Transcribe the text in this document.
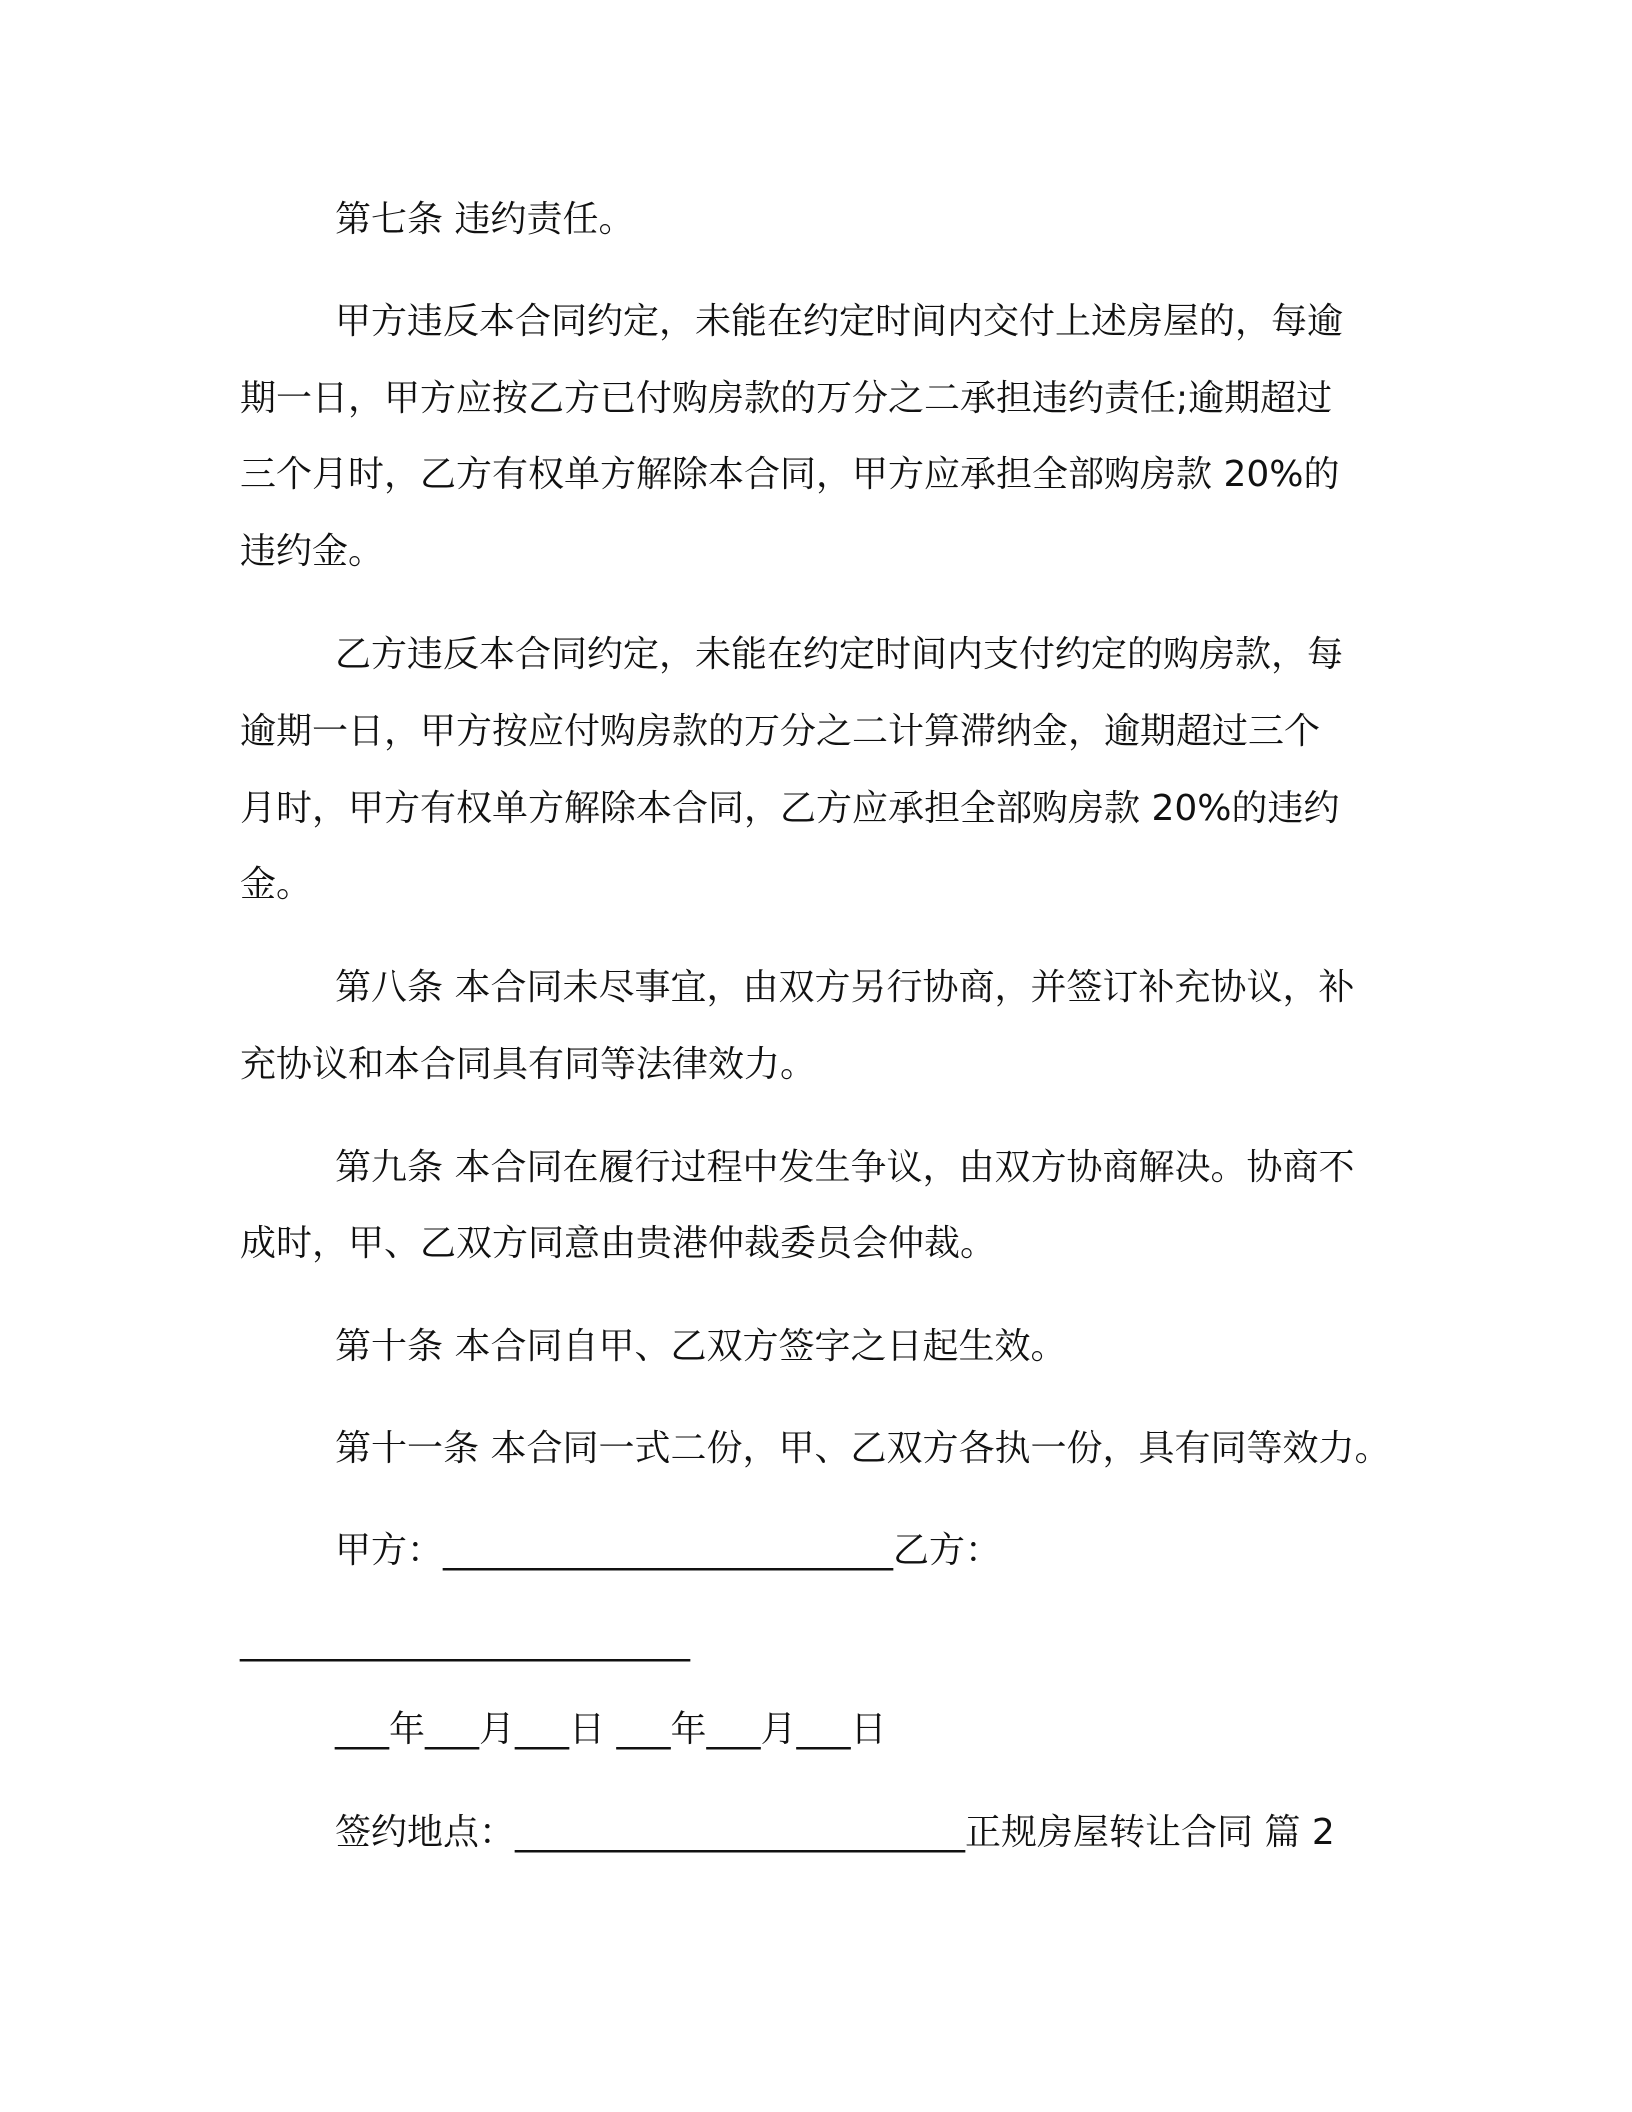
第七条 违约责任。
甲方违反本合同约定，未能在约定时间内交付上述房屋的，每逾
期一日，甲方应按乙方已付购房款的万分之二承担违约责任;逾期超过
三个月时，乙方有权单方解除本合同，甲方应承担全部购房款 20%的
违约金。
乙方违反本合同约定，未能在约定时间内支付约定的购房款，每
逾期一日，甲方按应付购房款的万分之二计算滞纳金，逾期超过三个
月时，甲方有权单方解除本合同，乙方应承担全部购房款 20%的违约
金。
第八条 本合同未尽事宜，由双方另行协商，并签订补充协议，补
充协议和本合同具有同等法律效力。
第九条 本合同在履行过程中发生争议，由双方协商解决。协商不
成时，甲、乙双方同意由贵港仲裁委员会仲裁。
第十条 本合同自甲、乙双方签字之日起生效。
第十一条 本合同一式二份，甲、乙双方各执一份，具有同等效力。
甲方：_________________________乙方：
_________________________
___年___月___日 ___年___月___日
签约地点：_________________________正规房屋转让合同 篇 2
